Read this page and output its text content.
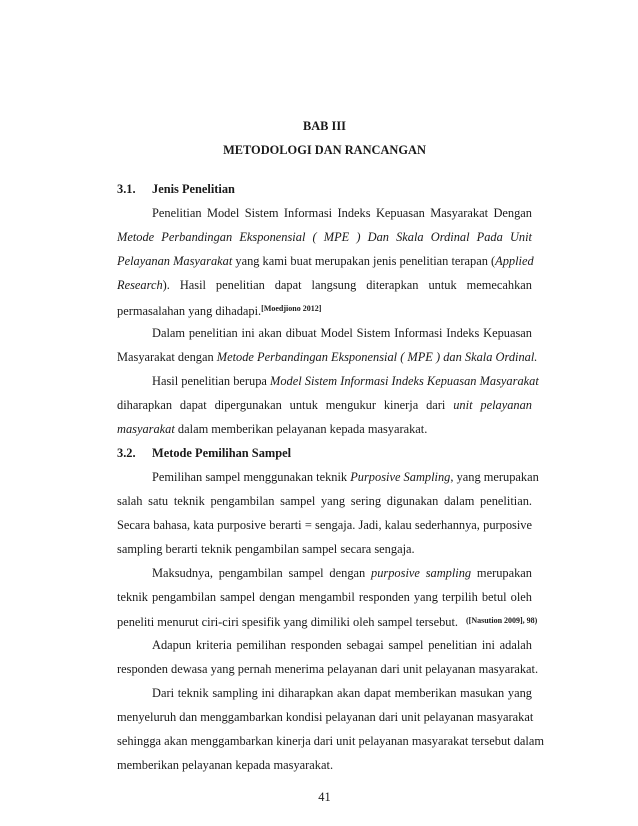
BAB III
METODOLOGI DAN RANCANGAN
3.1. Jenis Penelitian
Penelitian Model Sistem Informasi Indeks Kepuasan Masyarakat Dengan
Metode Perbandingan Eksponensial ( MPE ) Dan Skala Ordinal Pada Unit
Pelayanan Masyarakat yang kami buat merupakan jenis penelitian terapan (Applied
Research). Hasil penelitian dapat langsung diterapkan untuk memecahkan
permasalahan yang dihadapi.[Moedjiono 2012]
Dalam penelitian ini akan dibuat Model Sistem Informasi Indeks Kepuasan
Masyarakat dengan Metode Perbandingan Eksponensial ( MPE ) dan Skala Ordinal.
Hasil penelitian berupa Model Sistem Informasi Indeks Kepuasan Masyarakat
diharapkan dapat dipergunakan untuk mengukur kinerja dari unit pelayanan
masyarakat dalam memberikan pelayanan kepada masyarakat.
3.2. Metode Pemilihan Sampel
Pemilihan sampel menggunakan teknik Purposive Sampling, yang merupakan
salah satu teknik pengambilan sampel yang sering digunakan dalam penelitian.
Secara bahasa, kata purposive berarti = sengaja. Jadi, kalau sederhannya, purposive
sampling berarti teknik pengambilan sampel secara sengaja.
Maksudnya, pengambilan sampel dengan purposive sampling merupakan
teknik pengambilan sampel dengan mengambil responden yang terpilih betul oleh
peneliti menurut ciri-ciri spesifik yang dimiliki oleh sampel tersebut. $^{([Nasution 2009], 98)}$
Adapun kriteria pemilihan responden sebagai sampel penelitian ini adalah
responden dewasa yang pernah menerima pelayanan dari unit pelayanan masyarakat.
Dari teknik sampling ini diharapkan akan dapat memberikan masukan yang
menyeluruh dan menggambarkan kondisi pelayanan dari unit pelayanan masyarakat
sehingga akan menggambarkan kinerja dari unit pelayanan masyarakat tersebut dalam
memberikan pelayanan kepada masyarakat.
41
